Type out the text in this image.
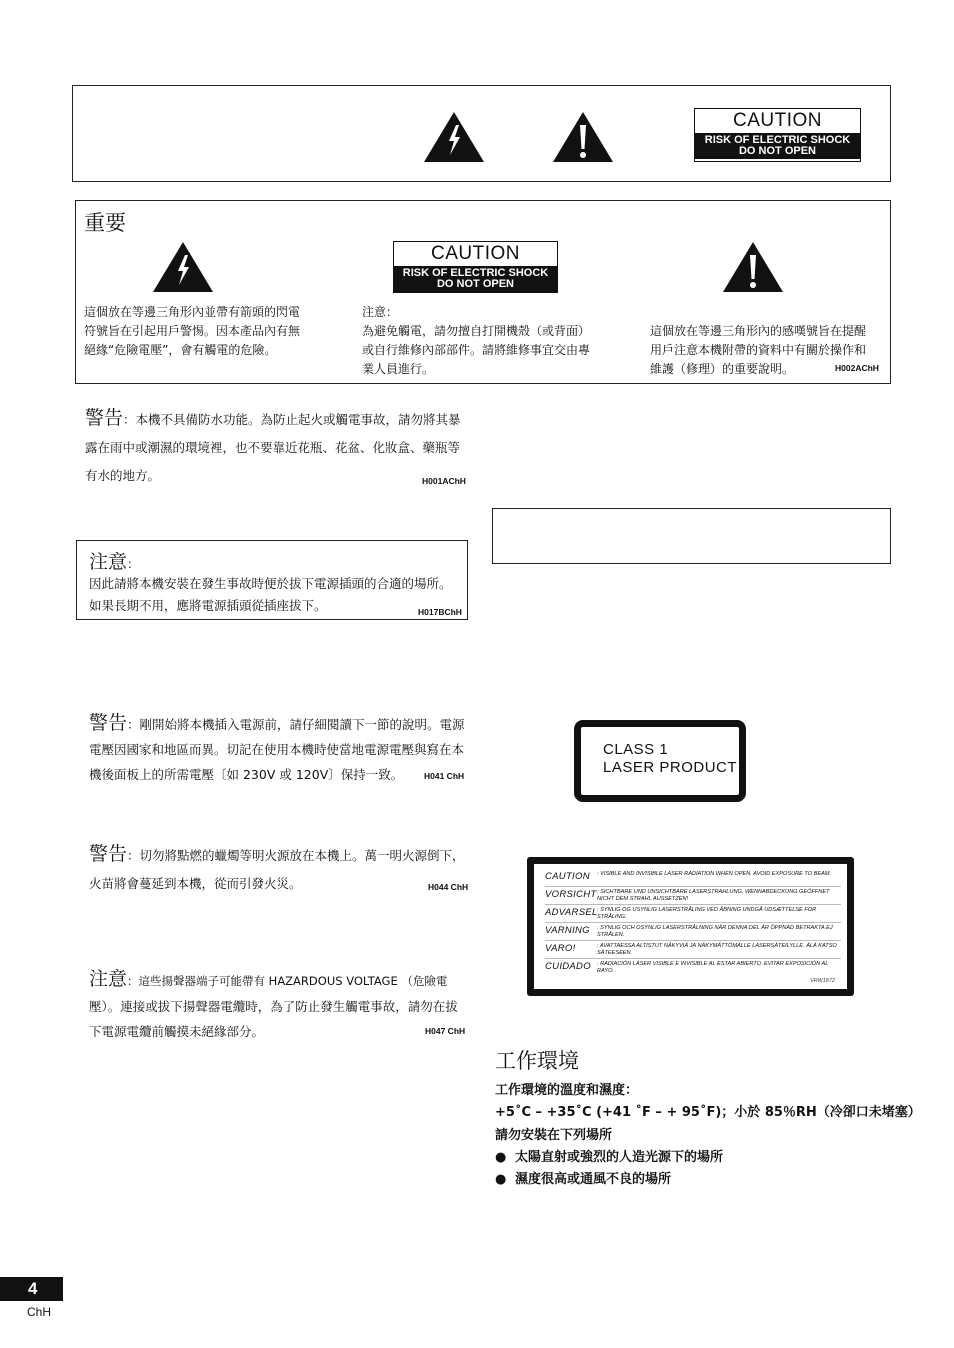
CAUTION
RISK OF ELECTRIC SHOCK
DO NOT OPEN
重要
CAUTION
RISK OF ELECTRIC SHOCK
DO NOT OPEN
這個放在等邊三角形內並帶有箭頭的閃電
符號旨在引起用戶警惕。因本產品內有無
絕緣“危險電壓”，會有觸電的危險。
注意：
為避免觸電，請勿擅自打開機殼（或背面）
或自行維修內部部件。請將維修事宜交由專
業人員進行。
這個放在等邊三角形內的感嘆號旨在提醒
用戶注意本機附帶的資料中有關於操作和
維護（修理）的重要說明。	H002AChH
警告：本機不具備防水功能。為防止起火或觸電事故，請勿將其暴
露在雨中或潮濕的環境裡，也不要靠近花瓶、花盆、化妝盒、藥瓶等
有水的地方。	H001AChH
注意：
因此請將本機安裝在發生事故時便於拔下電源插頭的合適的場所。
如果長期不用，應將電源插頭從插座拔下。	H017BChH
警告：剛開始將本機插入電源前，請仔細閱讀下一節的說明。電源
電壓因國家和地區而異。切記在使用本機時使當地電源電壓與寫在本
機後面板上的所需電壓〔如 230V 或 120V〕保持一致。	H041 ChH
CLASS 1
LASER PRODUCT
警告：切勿將點燃的蠟燭等明火源放在本機上。萬一明火源倒下，
火苗將會蔓延到本機，從而引發火災。	H044 ChH
CAUTION	: VISIBLE AND INVISIBLE LASER RADIATION WHEN OPEN. AVOID EXPOSURE TO BEAM.
VORSICHT : SICHTBARE UND UNSICHTBARE LASERSTRAHLUNG, WENNABDECKUNG GEÖFFNET NICHT DEM STRAHL AUSSETZEN!
ADVARSEL : SYNLIG OG USYNLIG LASERSTRÅLING VED ÅBNING UNDGÅ UDSÆTTELSE FOR STRÅLING.
VARNING	: SYNLIG OCH OSYNLIG LASERSTRÅLNING NÄR DENNA DEL ÄR ÖPPNAD BETRAKTA EJ STRÅLEN.
VARO!	: AVATTAESSA ALTISTUT NÄKYVIÄ JA NÄKYMÄTTÖMÄLLE LASERSÄTEILYLLE. ÄLÄ KATSO SÄTEESEEN.
CUIDADO	: RADIACIÓN LÁSER VISIBLE E INVISIBLE AL ESTAR ABIERTO. EVITAR EXPOSICIÓN AL RAYO.
VRW1872
注意：這些揚聲器端子可能帶有 HAZARDOUS VOLTAGE （危險電
壓）。連接或拔下揚聲器電纜時，為了防止發生觸電事故，請勿在拔
下電源電纜前觸摸未絕緣部分。	H047 ChH
工作環境
工作環境的溫度和濕度：
+5˚C – +35˚C (+41 ˚F – + 95˚F)；小於 85％RH（冷卻口未堵塞）
請勿安裝在下列場所
● 太陽直射或強烈的人造光源下的場所
● 濕度很高或通風不良的場所
4
ChH
